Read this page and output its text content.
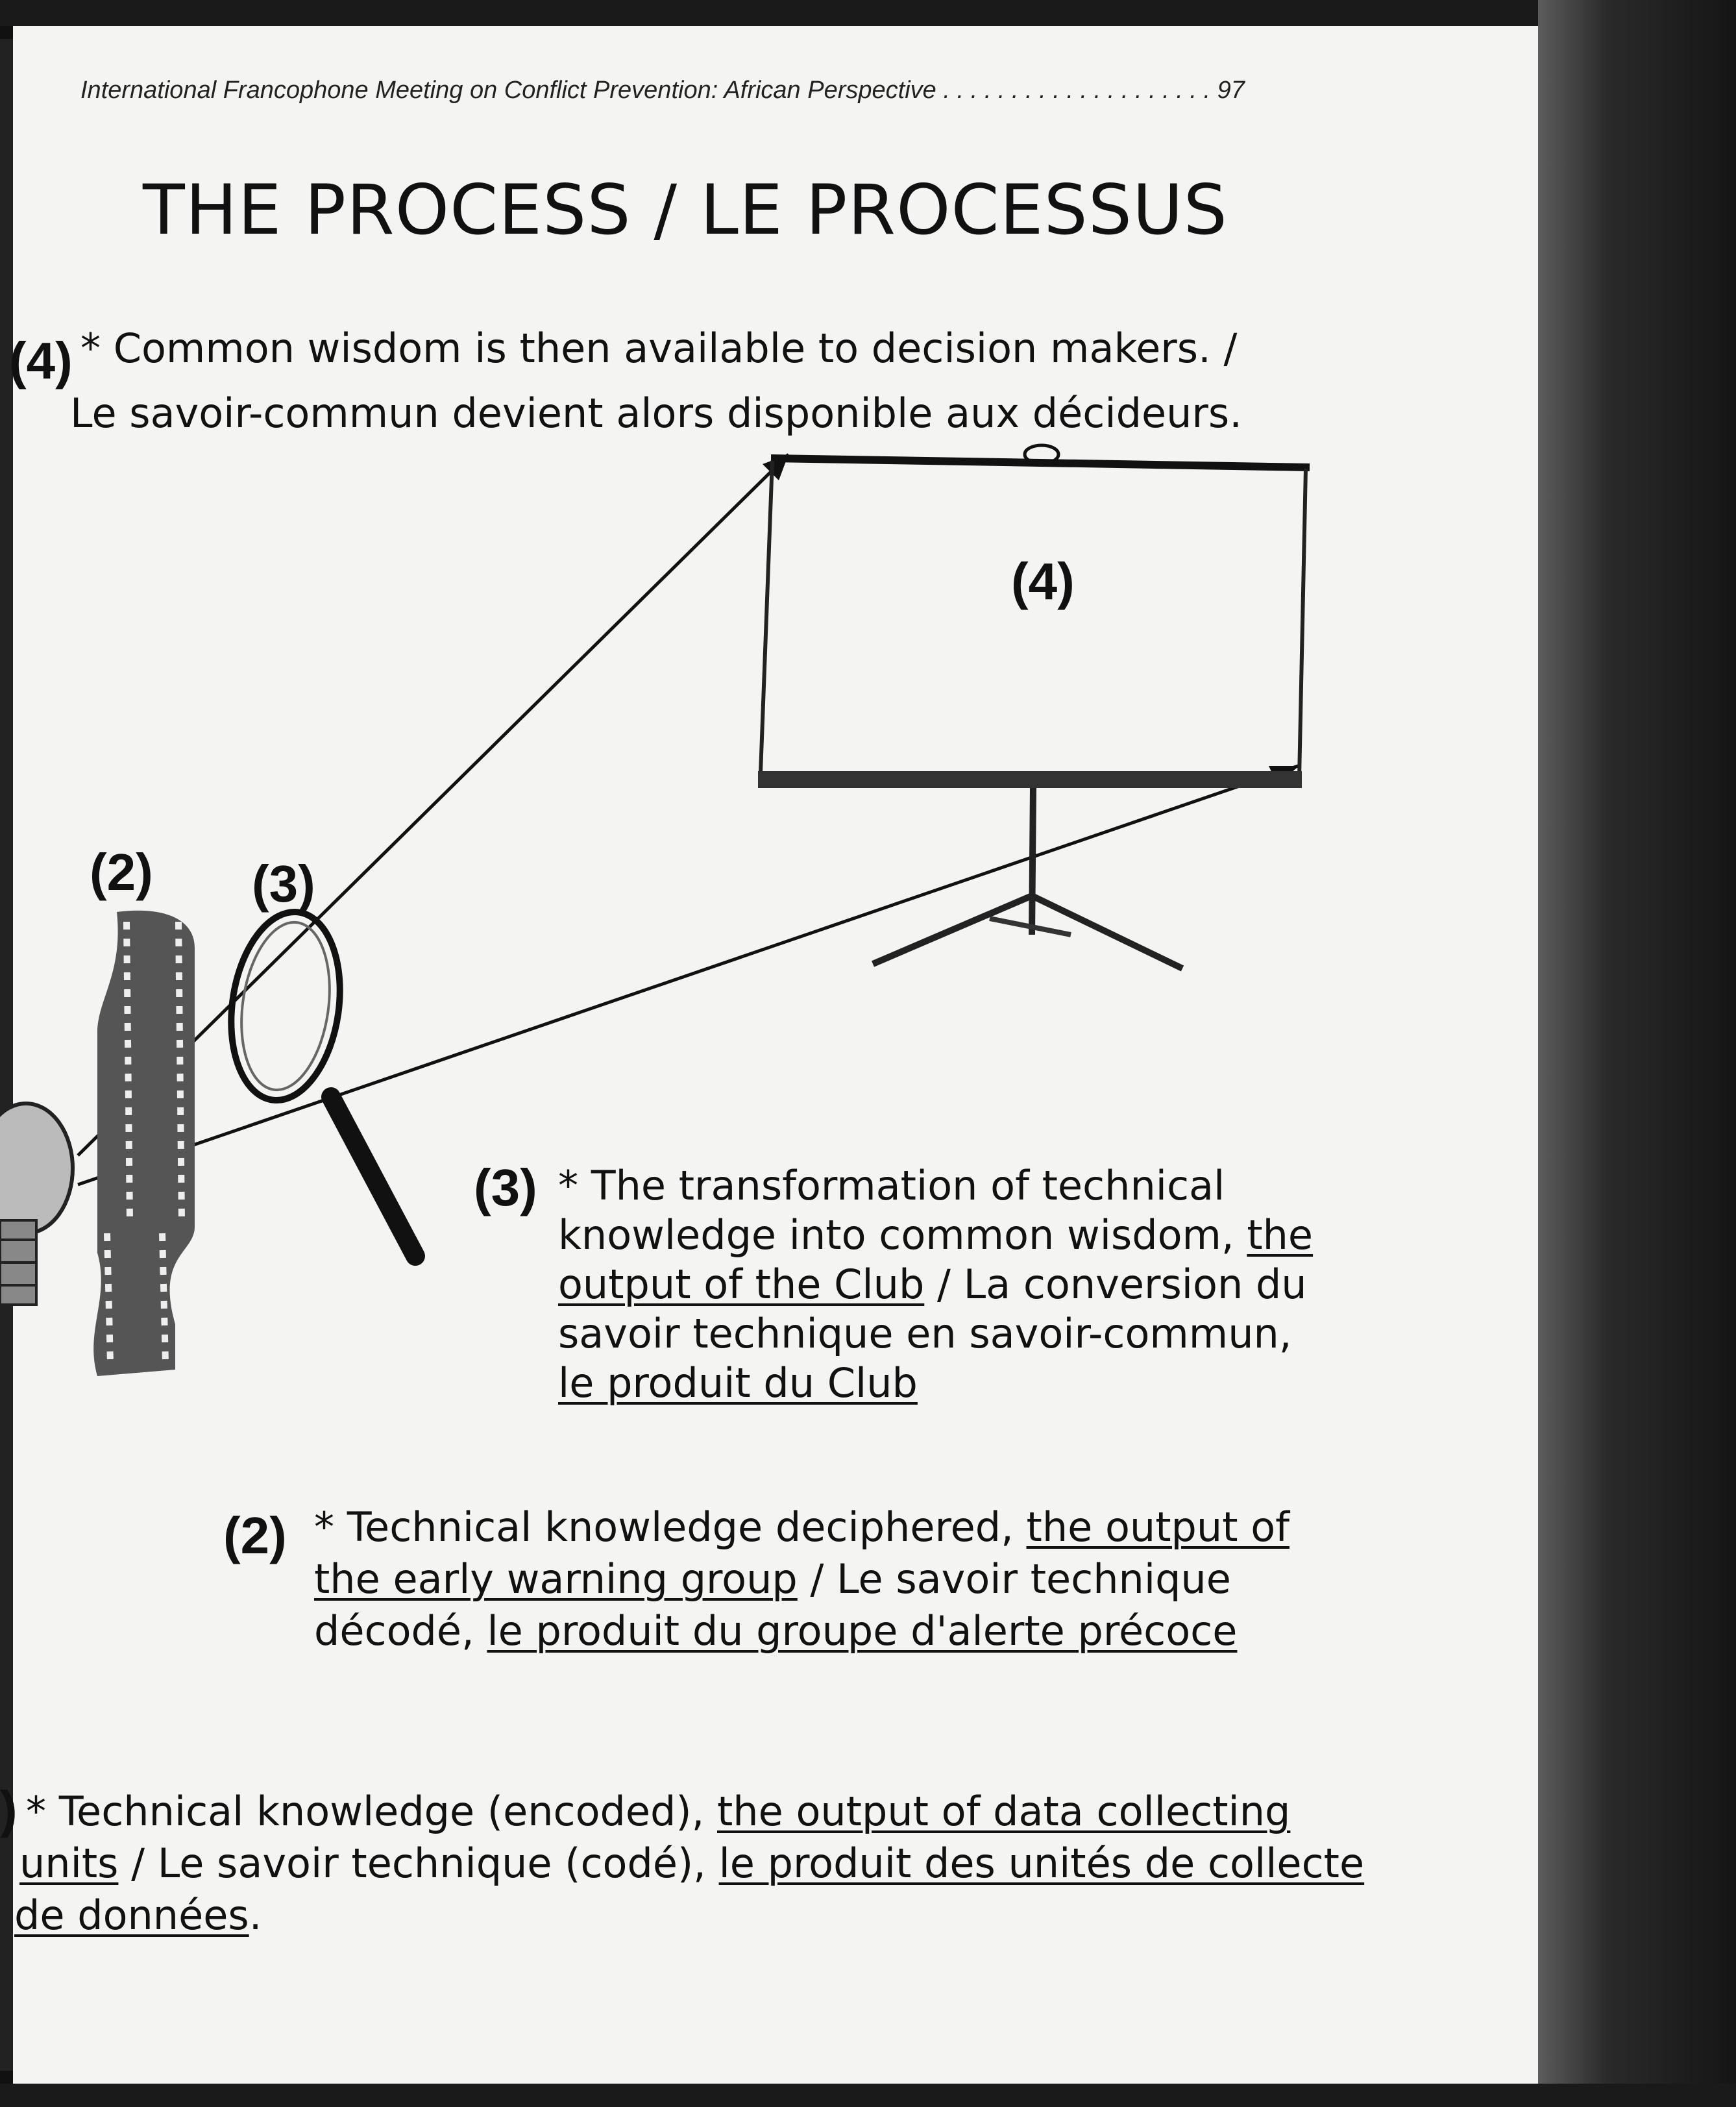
International Francophone Meeting on Conflict Prevention: African Perspective . . . . . . . . . . . . . . . . . . . . 97
THE PROCESS / LE PROCESSUS
(4) * Common wisdom is then available to decision makers. /
Le savoir-commun devient alors disponible aux décideurs.
(4)
(2) (3)
(3) * The transformation of technical
knowledge into common wisdom, the
output of the Club / La conversion du
savoir technique en savoir-commun,
le produit du Club
(2) * Technical knowledge deciphered, the output of
the early warning group / Le savoir technique
décodé, le produit du groupe d'alerte précoce
) * Technical knowledge (encoded), the output of data collecting
units / Le savoir technique (codé), le produit des unités de collecte
de données.
